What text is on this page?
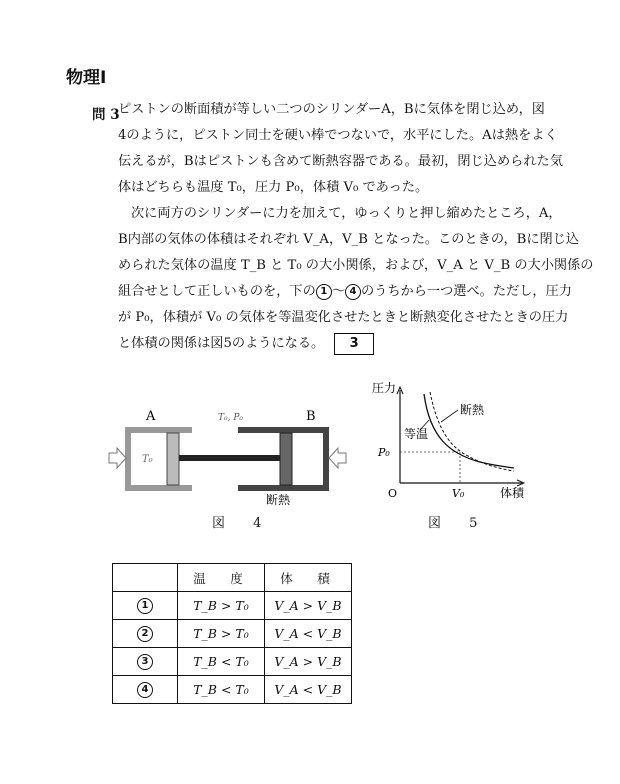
物理Ⅰ
問 3
ピストンの断面積が等しい二つのシリンダーA，Bに気体を閉じ込め，図
4のように，ピストン同士を硬い棒でつないで，水平にした。Aは熱をよく
伝えるが，Bはピストンも含めて断熱容器である。最初，閉じ込められた気
体はどちらも温度 T₀，圧力 P₀，体積 V₀ であった。
次に両方のシリンダーに力を加えて，ゆっくりと押し縮めたところ，A，
B内部の気体の体積はそれぞれ V_A，V_B となった。このときの，Bに閉じ込
められた気体の温度 T_B と T₀ の大小関係，および，V_A と V_B の大小関係の
組合せとして正しいものを，下の 1 〜 4 のうちから一つ選べ。ただし，圧力
が P₀，体積が V₀ の気体を等温変化させたときと断熱変化させたときの圧力
と体積の関係は図5のようになる。 3
A	T₀, P₀	B
T₀
断熱
図 4
圧力
O	体積
P₀
V₀
断熱
等温
図 5
	温　度	体　積
1	T_B > T₀	V_A > V_B
2	T_B > T₀	V_A < V_B
3	T_B < T₀	V_A > V_B
4	T_B < T₀	V_A < V_B
